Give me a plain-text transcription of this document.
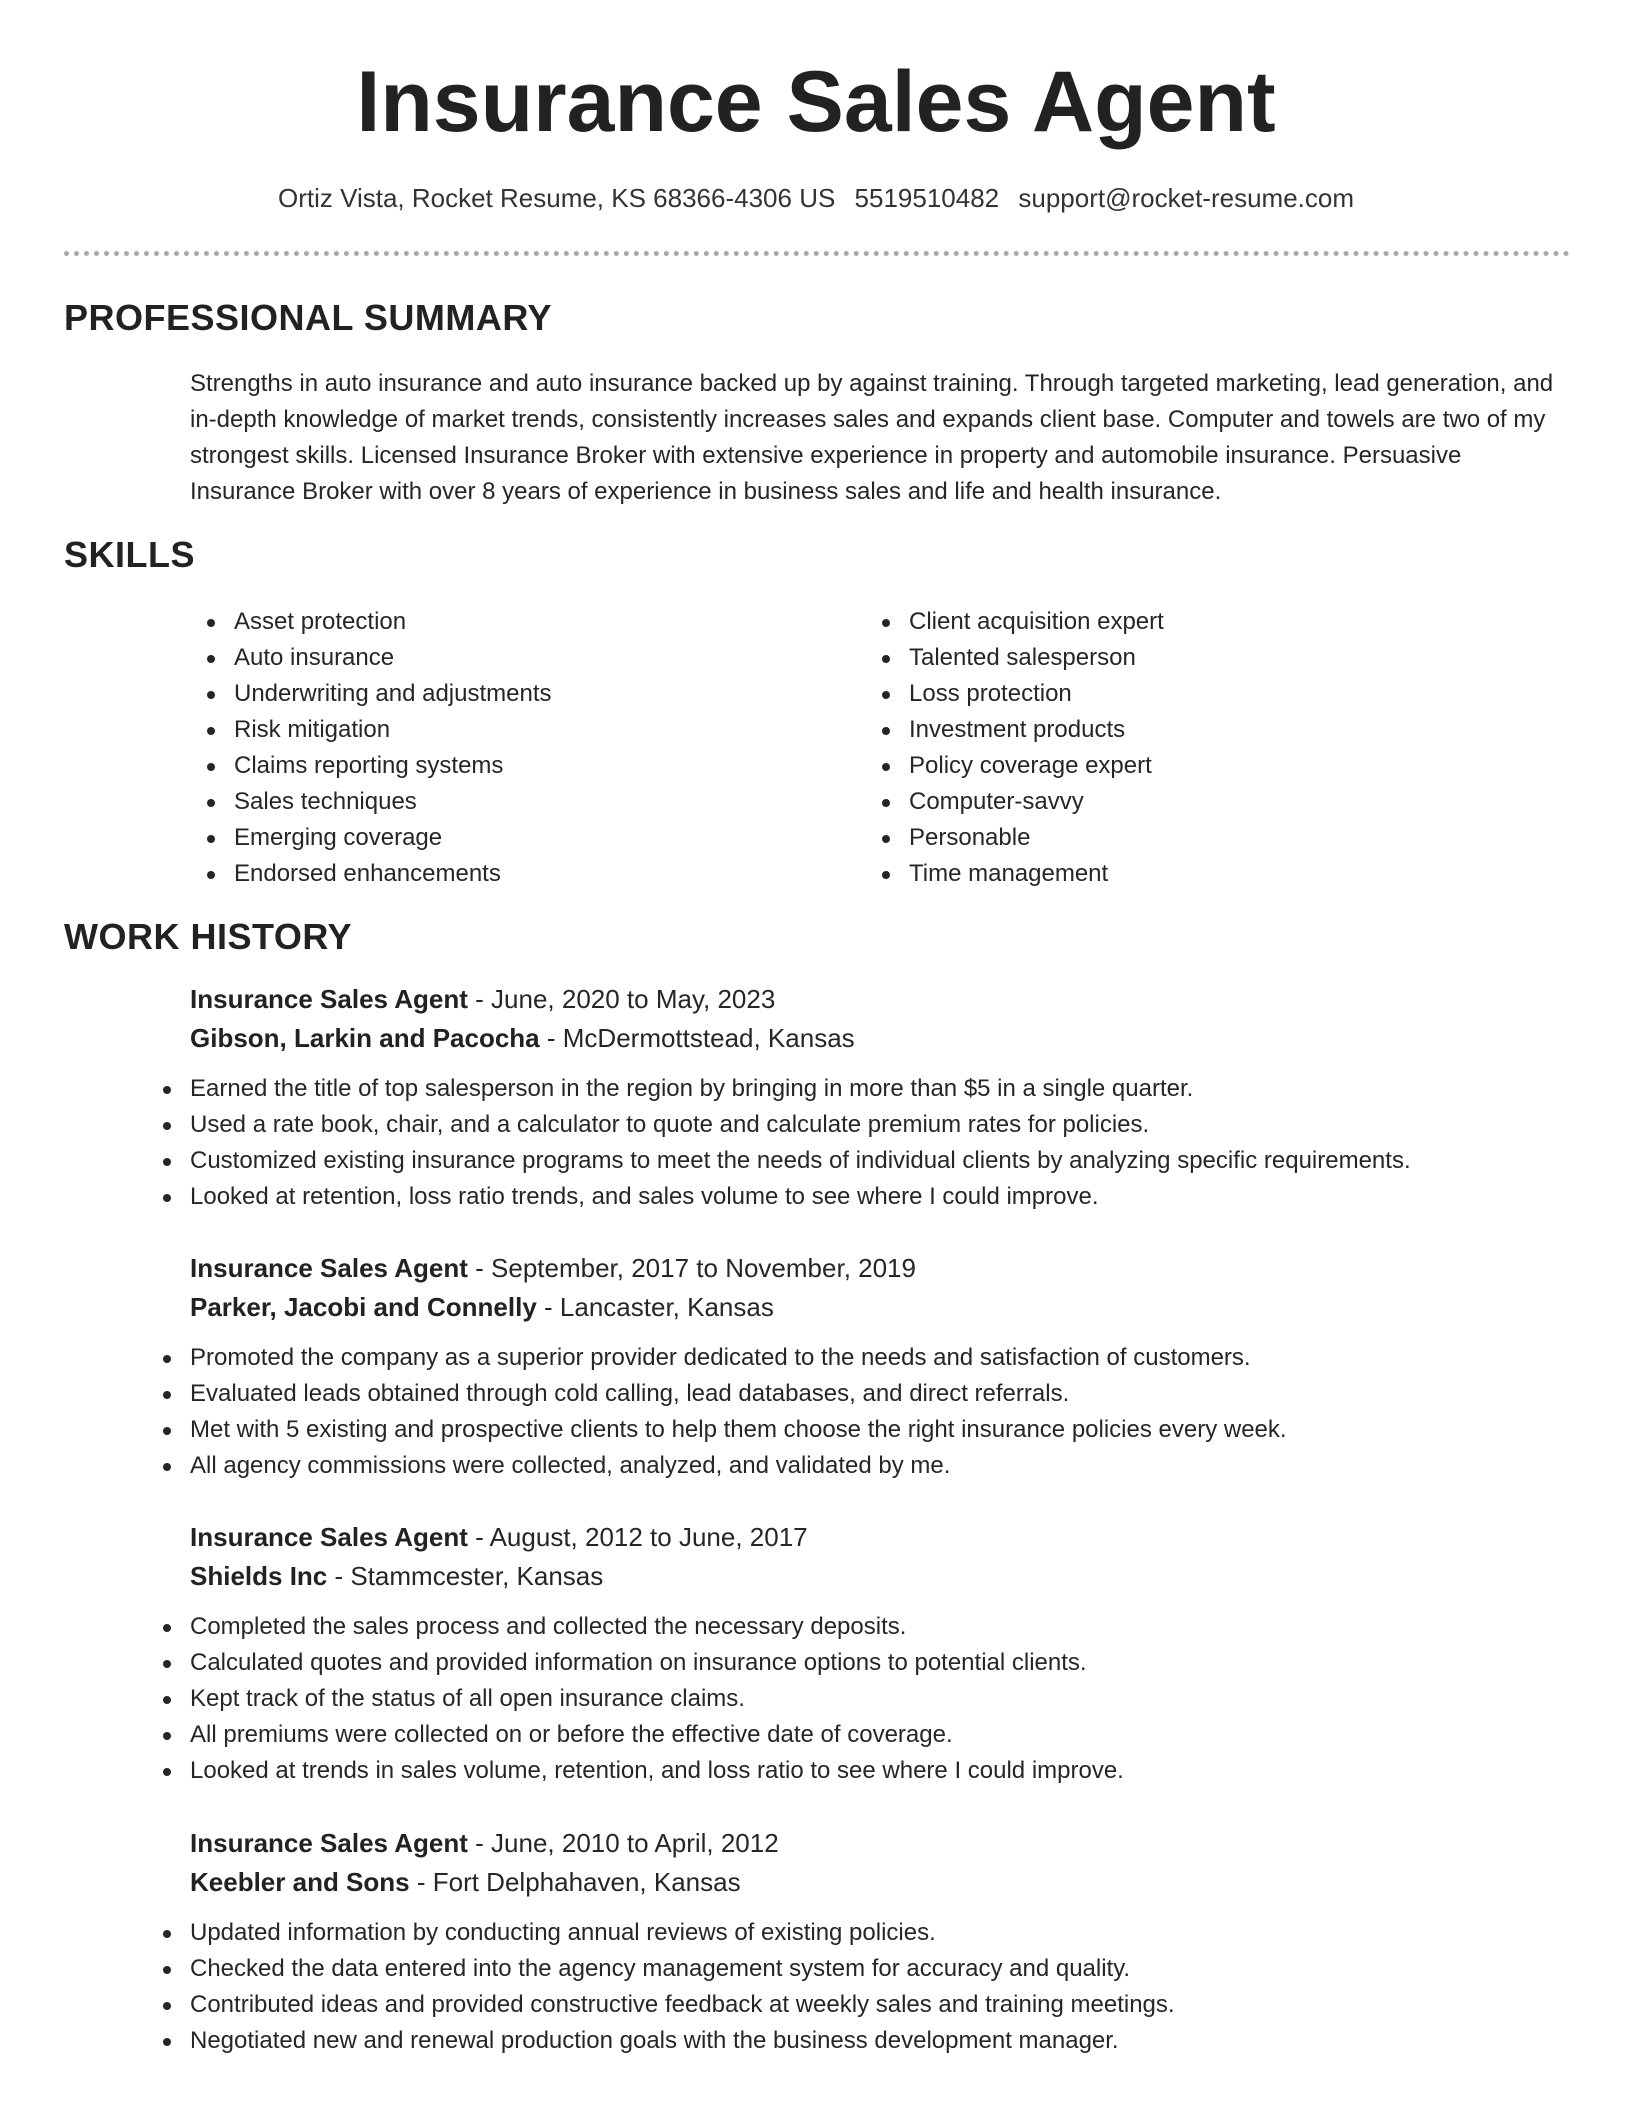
Insurance Sales Agent
Ortiz Vista, Rocket Resume, KS 68366-4306 US 5519510482 support@rocket-resume.com
PROFESSIONAL SUMMARY
Strengths in auto insurance and auto insurance backed up by against training. Through targeted marketing, lead generation, and in-depth knowledge of market trends, consistently increases sales and expands client base. Computer and towels are two of my strongest skills. Licensed Insurance Broker with extensive experience in property and automobile insurance. Persuasive Insurance Broker with over 8 years of experience in business sales and life and health insurance.
SKILLS
Asset protection
Auto insurance
Underwriting and adjustments
Risk mitigation
Claims reporting systems
Sales techniques
Emerging coverage
Endorsed enhancements
Client acquisition expert
Talented salesperson
Loss protection
Investment products
Policy coverage expert
Computer-savvy
Personable
Time management
WORK HISTORY
Insurance Sales Agent - June, 2020 to May, 2023
Gibson, Larkin and Pacocha - McDermottstead, Kansas
Earned the title of top salesperson in the region by bringing in more than $5 in a single quarter.
Used a rate book, chair, and a calculator to quote and calculate premium rates for policies.
Customized existing insurance programs to meet the needs of individual clients by analyzing specific requirements.
Looked at retention, loss ratio trends, and sales volume to see where I could improve.
Insurance Sales Agent - September, 2017 to November, 2019
Parker, Jacobi and Connelly - Lancaster, Kansas
Promoted the company as a superior provider dedicated to the needs and satisfaction of customers.
Evaluated leads obtained through cold calling, lead databases, and direct referrals.
Met with 5 existing and prospective clients to help them choose the right insurance policies every week.
All agency commissions were collected, analyzed, and validated by me.
Insurance Sales Agent - August, 2012 to June, 2017
Shields Inc - Stammcester, Kansas
Completed the sales process and collected the necessary deposits.
Calculated quotes and provided information on insurance options to potential clients.
Kept track of the status of all open insurance claims.
All premiums were collected on or before the effective date of coverage.
Looked at trends in sales volume, retention, and loss ratio to see where I could improve.
Insurance Sales Agent - June, 2010 to April, 2012
Keebler and Sons - Fort Delphahaven, Kansas
Updated information by conducting annual reviews of existing policies.
Checked the data entered into the agency management system for accuracy and quality.
Contributed ideas and provided constructive feedback at weekly sales and training meetings.
Negotiated new and renewal production goals with the business development manager.
